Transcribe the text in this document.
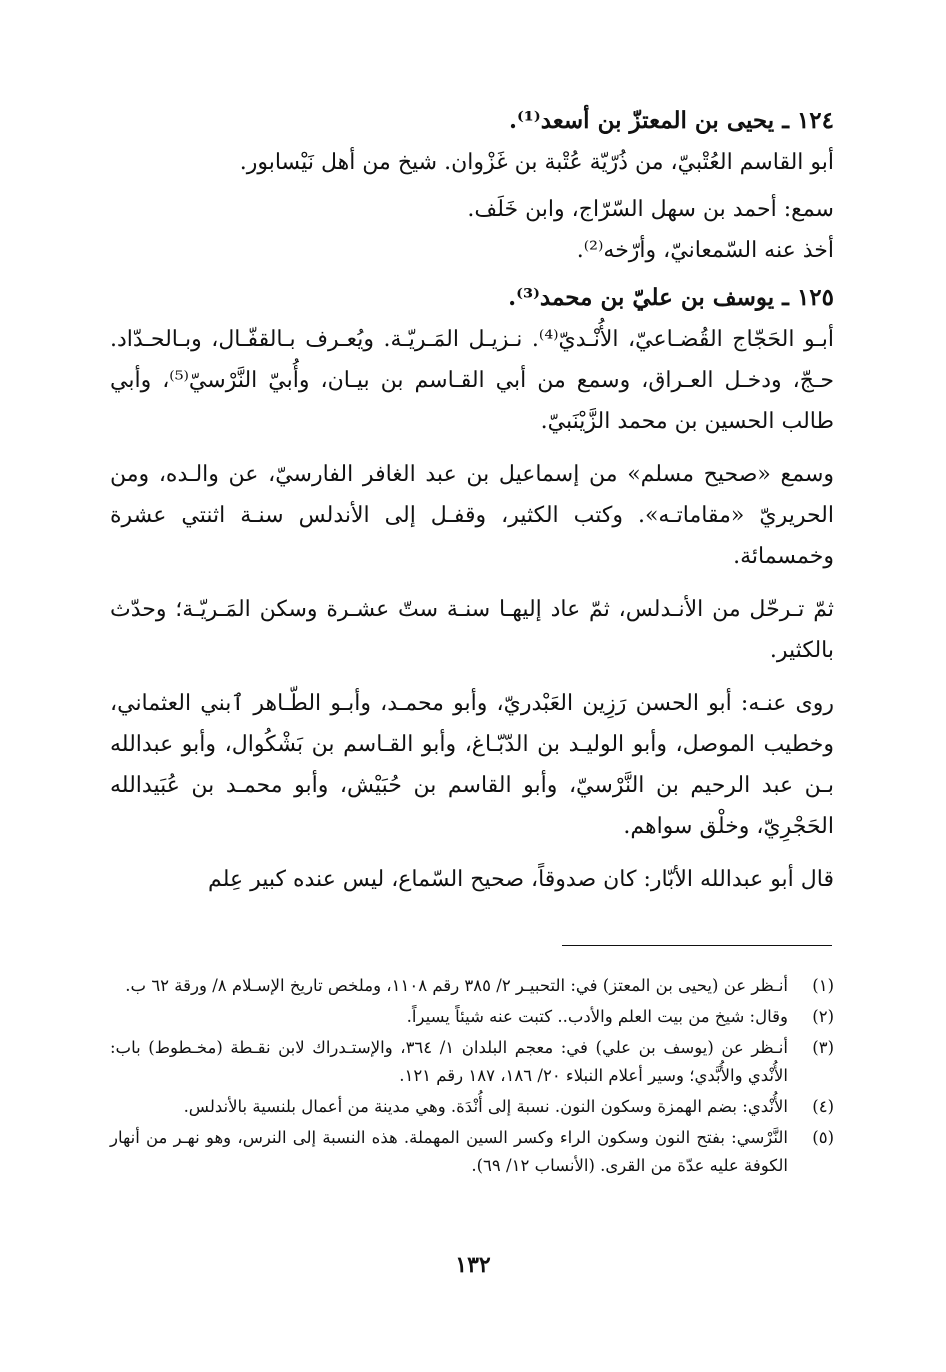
١٢٤ ـ يحيى بن المعتزّ بن أسعد⁽¹⁾.

أبو القاسم العُتْبيّ، من ذُرّيّة عُتْبة بن غَزْوان. شيخ من أهل نَيْسابور.

سمع: أحمد بن سهل السّرّاج، وابن خَلَف.

أخذ عنه السّمعانيّ، وأرّخه⁽²⁾.

١٢٥ ـ يوسف بن عليّ بن محمد⁽³⁾.

أبـو الحَجّاج القُضـاعيّ، الأُنْـديّ⁽⁴⁾. نـزيـل المَـريّـة. ويُعـرف بـالقفّـال، وبـالحـدّاد. حـجّ، ودخـل العـراق، وسمع من أبي القـاسم بن بيـان، وأُبيّ النَّرْسيّ⁽⁵⁾، وأبي طالب الحسين بن محمد الزَّيْنَبيّ.

وسمع «صحيح مسلم» من إسماعيل بن عبد الغافر الفارسيّ، عن والـده، ومن الحريريّ «مقاماتـه». وكتب الكثير، وقفـل إلى الأندلس سنـة اثنتي عشرة وخمسمائة.

ثمّ تـرحّل من الأنـدلس، ثمّ عاد إليهـا سنـة ستّ عشـرة وسكن المَـريّـة؛ وحدّث بالكثير.

روى عنـه: أبو الحسن رَزِين العَبْدريّ، وأبو محمـد، وأبـو الطّـاهر ٱبني العثماني، وخطيب الموصل، وأبو الوليـد بن الدّبّـاغ، وأبو القـاسم بن بَشْكُوال، وأبو عبدالله بـن عبد الرحيم بن النَّرْسيّ، وأبو القاسم بن حُبَيْش، وأبو محمـد بن عُبَيدالله الحَجْرِيّ، وخلْق سواهم.

قال أبو عبدالله الأبّار: كان صدوقاً، صحيح السّماع، ليس عنده كبير عِلم

(١)
أنـظر عن (يحيى بن المعتز) في: التحبيـر ٢/ ٣٨٥ رقم ١١٠٨، وملخص تاريخ الإسـلام ٨/ ورقة ٦٢ ب.
(٢)
وقال: شيخ من بيت العلم والأدب.. كتبت عنه شيئاً يسيراً.
(٣)
أنـظر عن (يوسف بن علي) في: معجم البلدان ١/ ٣٦٤، والإستـدراك لابن نقـطة (مخـطوط) باب: الأُنْدي والأُبَّدي؛ وسير أعلام النبلاء ٢٠/ ١٨٦، ١٨٧ رقم ١٢١.
(٤)
الأُنْدي: بضم الهمزة وسكون النون. نسبة إلى أُنْدَة. وهي مدينة من أعمال بلنسية بالأندلس.
(٥)
النَّرْسي: بفتح النون وسكون الراء وكسر السين المهملة. هذه النسبة إلى النرس، وهو نهـر من أنهار الكوفة عليه عدّة من القرى. (الأنساب ١٢/ ٦٩).
١٣٢
